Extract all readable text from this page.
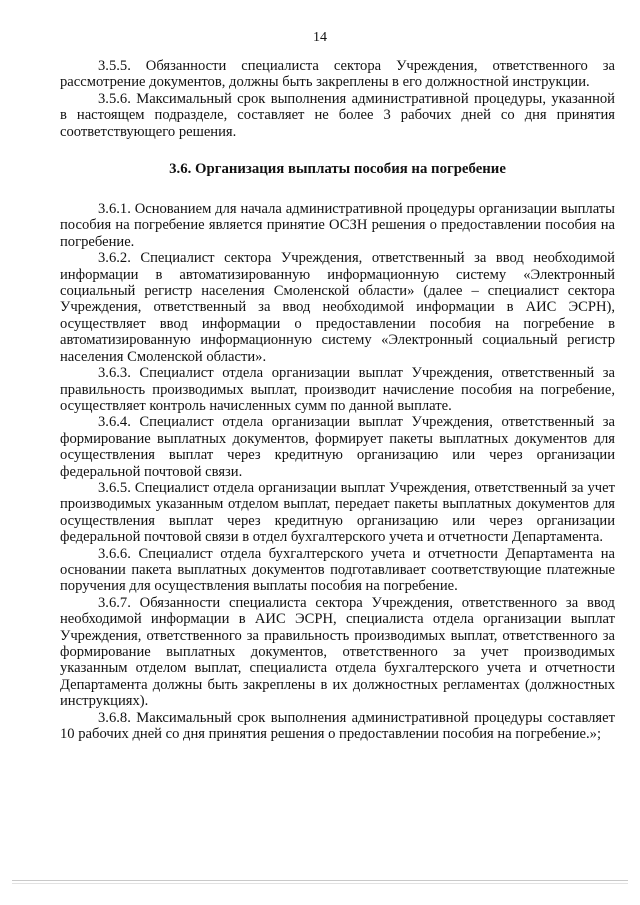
14

3.5.5. Обязанности специалиста сектора Учреждения, ответственного за рассмотрение документов, должны быть закреплены в его должностной инструкции.

3.5.6. Максимальный срок выполнения административной процедуры, указанной в настоящем подразделе, составляет не более 3 рабочих дней со дня принятия соответствующего решения.

3.6. Организация выплаты пособия на погребение

3.6.1. Основанием для начала административной процедуры организации выплаты пособия на погребение является принятие ОСЗН решения о предоставлении пособия на погребение.

3.6.2. Специалист сектора Учреждения, ответственный за ввод необходимой информации в автоматизированную информационную систему «Электронный социальный регистр населения Смоленской области» (далее – специалист сектора Учреждения, ответственный за ввод необходимой информации в АИС ЭСРН), осуществляет ввод информации о предоставлении пособия на погребение в автоматизированную информационную систему «Электронный социальный регистр населения Смоленской области».

3.6.3. Специалист отдела организации выплат Учреждения, ответственный за правильность производимых выплат, производит начисление пособия на погребение, осуществляет контроль начисленных сумм по данной выплате.

3.6.4. Специалист отдела организации выплат Учреждения, ответственный за формирование выплатных документов, формирует пакеты выплатных документов для осуществления выплат через кредитную организацию или через организации федеральной почтовой связи.

3.6.5. Специалист отдела организации выплат Учреждения, ответственный за учет производимых указанным отделом выплат, передает пакеты выплатных документов для осуществления выплат через кредитную организацию или через организации федеральной почтовой связи в отдел бухгалтерского учета и отчетности Департамента.

3.6.6. Специалист отдела бухгалтерского учета и отчетности Департамента на основании пакета выплатных документов подготавливает соответствующие платежные поручения для осуществления выплаты пособия на погребение.

3.6.7. Обязанности специалиста сектора Учреждения, ответственного за ввод необходимой информации в АИС ЭСРН, специалиста отдела организации выплат Учреждения, ответственного за правильность производимых выплат, ответственного за формирование выплатных документов, ответственного за учет производимых указанным отделом выплат, специалиста отдела бухгалтерского учета и отчетности Департамента должны быть закреплены в их должностных регламентах (должностных инструкциях).

3.6.8. Максимальный срок выполнения административной процедуры составляет 10 рабочих дней со дня принятия решения о предоставлении пособия на погребение.»;
